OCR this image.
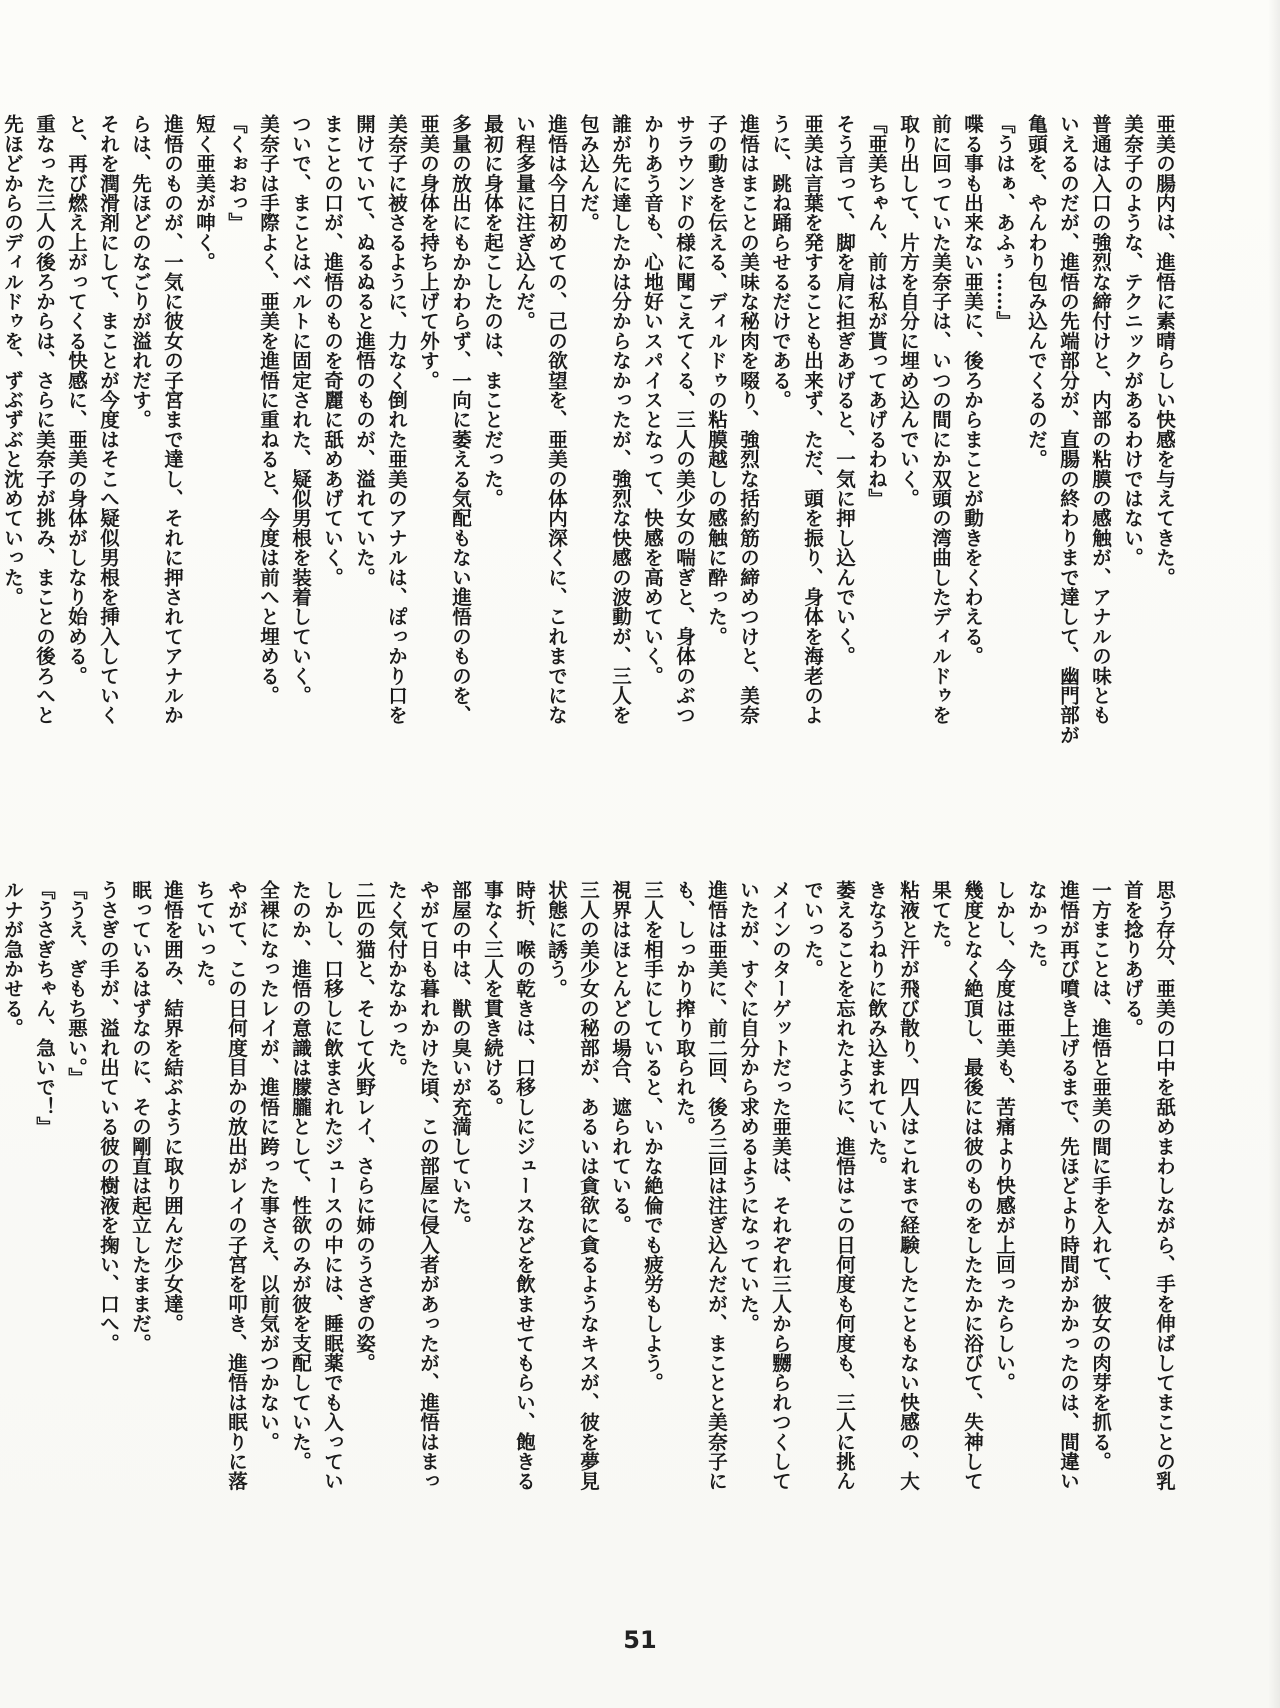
亜美の腸内は、進悟に素晴らしい快感を与えてきた。
美奈子のような、テクニックがあるわけではない。
普通は入口の強烈な締付けと、内部の粘膜の感触が、アナルの味とも
いえるのだが、進悟の先端部分が、直腸の終わりまで達して、幽門部が
亀頭を、やんわり包み込んでくるのだ。
『うはぁ、あふぅ……』
喋る事も出来ない亜美に、後ろからまことが動きをくわえる。
前に回っていた美奈子は、いつの間にか双頭の湾曲したディルドゥを
取り出して、片方を自分に埋め込んでいく。
『亜美ちゃん、前は私が貰ってあげるわね』
そう言って、脚を肩に担ぎあげると、一気に押し込んでいく。
亜美は言葉を発することも出来ず、ただ、頭を振り、身体を海老のよ
うに、跳ね踊らせるだけである。
進悟はまことの美味な秘肉を啜り、強烈な括約筋の締めつけと、美奈
子の動きを伝える、ディルドゥの粘膜越しの感触に酔った。
サラウンドの様に聞こえてくる、三人の美少女の喘ぎと、身体のぶつ
かりあう音も、心地好いスパイスとなって、快感を高めていく。
誰が先に達したかは分からなかったが、強烈な快感の波動が、三人を
包み込んだ。
進悟は今日初めての、己の欲望を、亜美の体内深くに、これまでにな
い程多量に注ぎ込んだ。
最初に身体を起こしたのは、まことだった。
多量の放出にもかかわらず、一向に萎える気配もない進悟のものを、
亜美の身体を持ち上げて外す。
美奈子に被さるように、力なく倒れた亜美のアナルは、ぽっかり口を
開けていて、ぬるぬると進悟のものが、溢れていた。
まことの口が、進悟のものを奇麗に舐めあげていく。
ついで、まことはベルトに固定された、疑似男根を装着していく。
美奈子は手際よく、亜美を進悟に重ねると、今度は前へと埋める。
『くぉおっ』
短く亜美が呻く。
進悟のものが、一気に彼女の子宮まで達し、それに押されてアナルか
らは、先ほどのなごりが溢れだす。
それを潤滑剤にして、まことが今度はそこへ疑似男根を挿入していく
と、再び燃え上がってくる快感に、亜美の身体がしなり始める。
重なった三人の後ろからは、さらに美奈子が挑み、まことの後ろへと
先ほどからのディルドゥを、ずぶずぶと沈めていった。
思う存分、亜美の口中を舐めまわしながら、手を伸ばしてまことの乳
首を捻りあげる。
一方まことは、進悟と亜美の間に手を入れて、彼女の肉芽を抓る。
進悟が再び噴き上げるまで、先ほどより時間がかかったのは、間違い
なかった。
しかし、今度は亜美も、苦痛より快感が上回ったらしい。
幾度となく絶頂し、最後には彼のものをしたたかに浴びて、失神して
果てた。
粘液と汗が飛び散り、四人はこれまで経験したこともない快感の、大
きなうねりに飲み込まれていた。
萎えることを忘れたように、進悟はこの日何度も何度も、三人に挑ん
でいった。
メインのターゲットだった亜美は、それぞれ三人から嬲られつくして
いたが、すぐに自分から求めるようになっていた。
進悟は亜美に、前二回、後ろ三回は注ぎ込んだが、まことと美奈子に
も、しっかり搾り取られた。
三人を相手にしていると、いかな絶倫でも疲労もしよう。
視界はほとんどの場合、遮られている。
三人の美少女の秘部が、あるいは貪欲に貪るようなキスが、彼を夢見
状態に誘う。
時折、喉の乾きは、口移しにジュースなどを飲ませてもらい、飽きる
事なく三人を貫き続ける。
部屋の中は、獣の臭いが充満していた。
やがて日も暮れかけた頃、この部屋に侵入者があったが、進悟はまっ
たく気付かなかった。
二匹の猫と、そして火野レイ、さらに姉のうさぎの姿。
しかし、口移しに飲まされたジュースの中には、睡眠薬でも入ってい
たのか、進悟の意識は朦朧として、性欲のみが彼を支配していた。
全裸になったレイが、進悟に跨った事さえ、以前気がつかない。
やがて、この日何度目かの放出がレイの子宮を叩き、進悟は眠りに落
ちていった。
進悟を囲み、結界を結ぶように取り囲んだ少女達。
眠っているはずなのに、その剛直は起立したままだ。
うさぎの手が、溢れ出ている彼の樹液を掬い、口へ。
『うえ、ぎもち悪い。』
『うさぎちゃん、急いで！』
ルナが急かせる。
51
